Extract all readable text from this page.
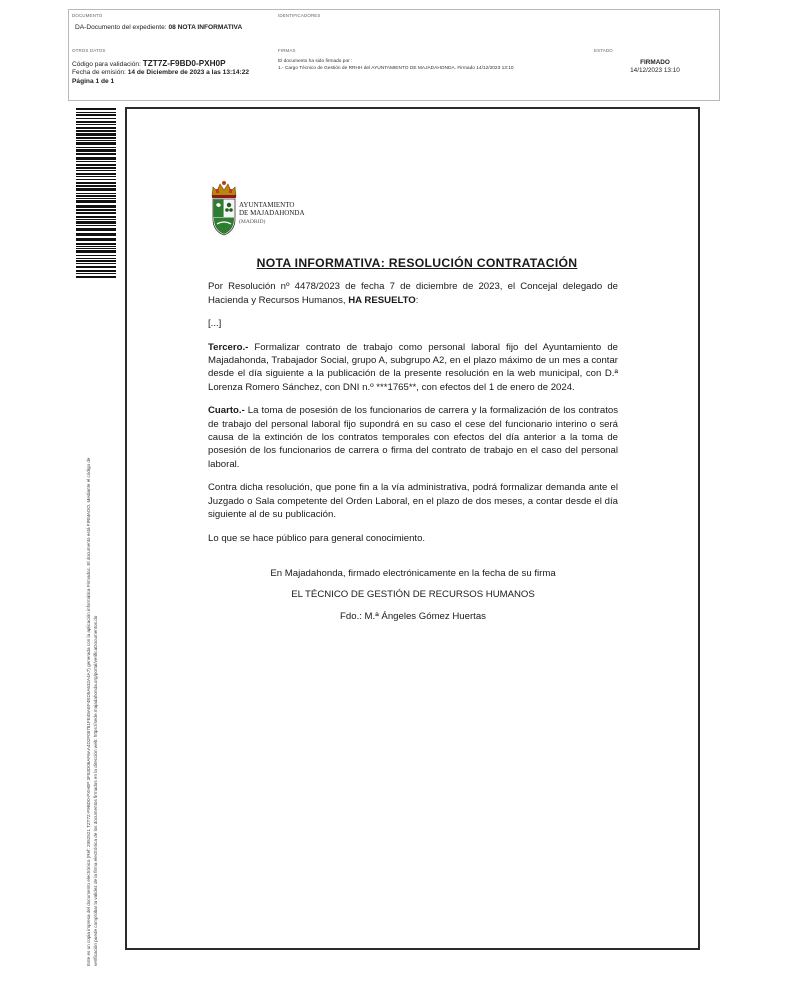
DOCUMENTO
DA-Documento del expediente: 08 NOTA INFORMATIVA
IDENTIFICADORES
OTROS DATOS
Código para validación: TZT7Z-F9BD0-PXH0P
Fecha de emisión: 14 de Diciembre de 2023 a las 13:14:22
Página 1 de 1
FIRMAS
El documento ha sido firmado por :
1.- Cargo Técnico de Gestión de RRHH del AYUNTAMIENTO DE MAJADAHONDA. Firmado 14/12/2023 13:10
ESTADO
FIRMADO
14/12/2023 13:10
Este es un copia impresa del documento electrónico (Ref: 2952521 TZT7Z-F9BD0-PXH0P 3F53D06AF6AA4D2F05781FE45AEF4ED5A632A4A7) generada con la aplicación informática Firmadoc. El documento está FIRMADO. Mediante el código de verificación puede comprobar la validez de la firma electrónica de los documentos firmados en la dirección web: https://sede.majadahonda.org/portal/verificaDocumentos.do
AYUNTAMIENTO
DE MAJADAHONDA
(MADRID)
NOTA INFORMATIVA: RESOLUCIÓN CONTRATACIÓN
Por Resolución nº 4478/2023 de fecha 7 de diciembre de 2023, el Concejal delegado de Hacienda y Recursos Humanos, HA RESUELTO:
[...]
Tercero.- Formalizar contrato de trabajo como personal laboral fijo del Ayuntamiento de Majadahonda, Trabajador Social, grupo A, subgrupo A2, en el plazo máximo de un mes a contar desde el día siguiente a la publicación de la presente resolución en la web municipal, con D.ª Lorenza Romero Sánchez, con DNI n.º ***1765**, con efectos del 1 de enero de 2024.
Cuarto.- La toma de posesión de los funcionarios de carrera y la formalización de los contratos de trabajo del personal laboral fijo supondrá en su caso el cese del funcionario interino o será causa de la extinción de los contratos temporales con efectos del día anterior a la toma de posesión de los funcionarios de carrera o firma del contrato de trabajo en el caso del personal laboral.
Contra dicha resolución, que pone fin a la vía administrativa, podrá formalizar demanda ante el Juzgado o Sala competente del Orden Laboral, en el plazo de dos meses, a contar desde el día siguiente al de su publicación.
Lo que se hace público para general conocimiento.
En Majadahonda, firmado electrónicamente en la fecha de su firma
EL TÉCNICO DE GESTIÓN DE RECURSOS HUMANOS
Fdo.: M.ª Ángeles Gómez Huertas
